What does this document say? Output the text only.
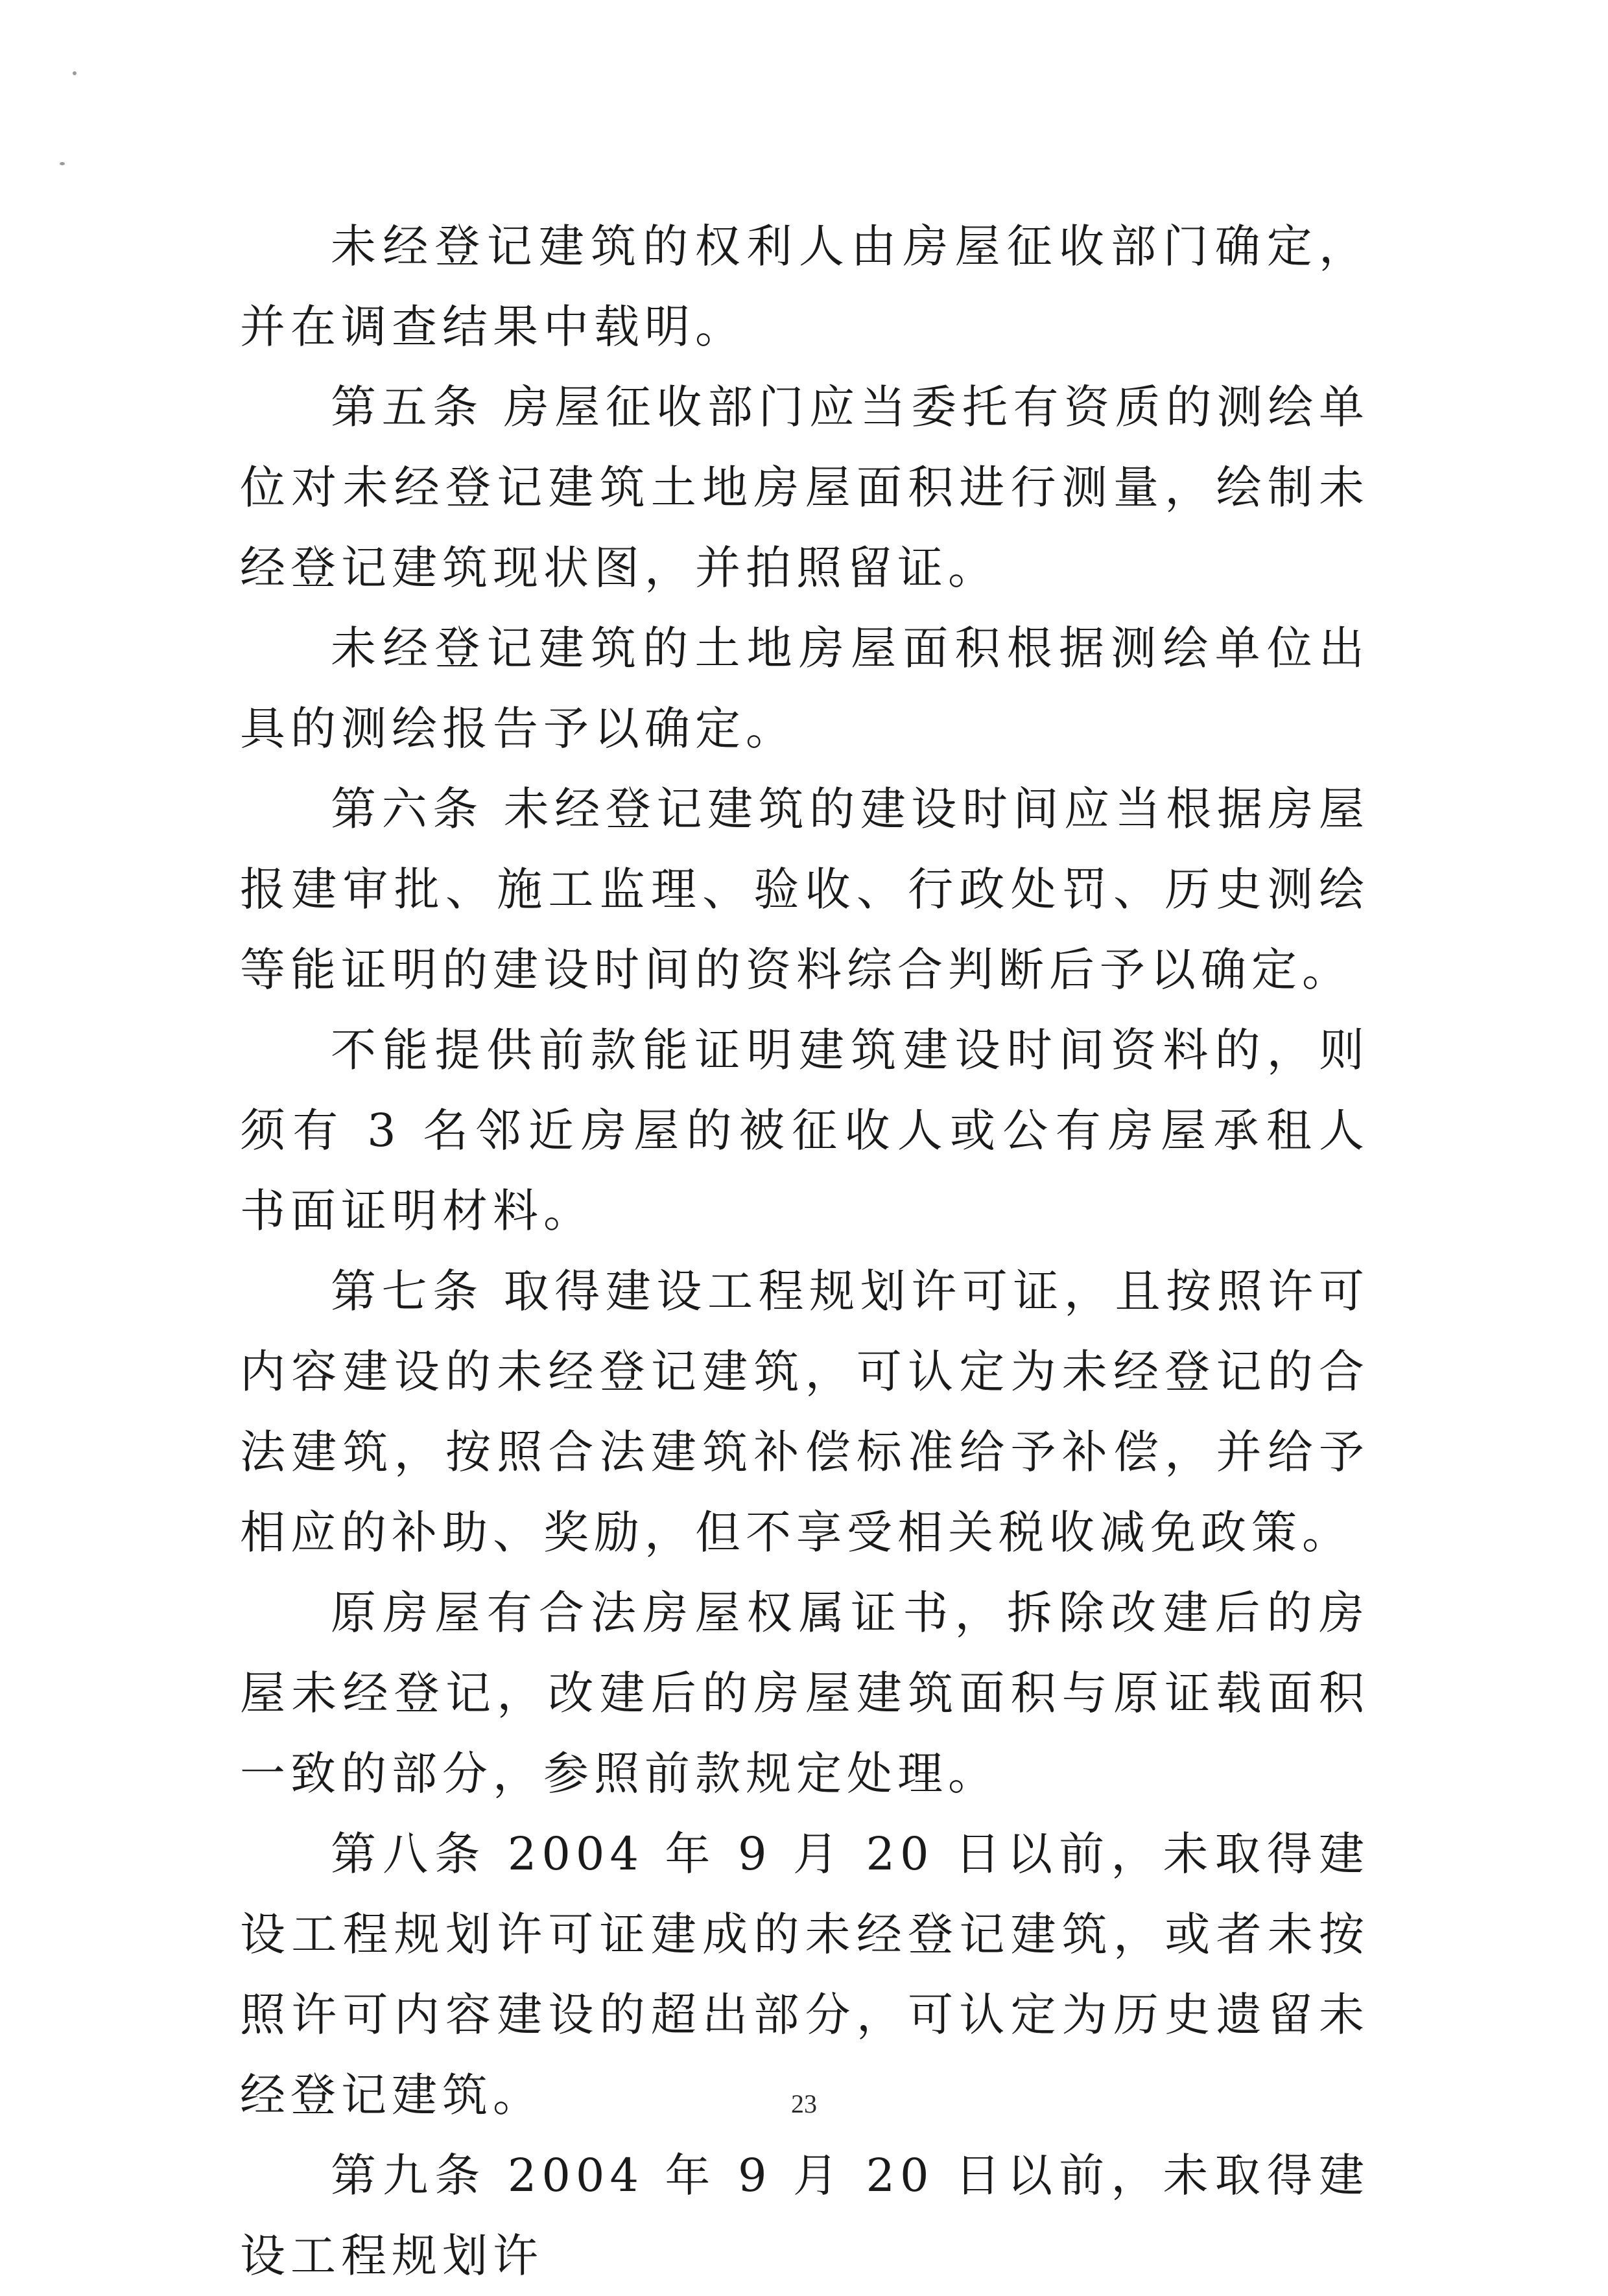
未经登记建筑的权利人由房屋征收部门确定，并在调查结果中载明。

第五条 房屋征收部门应当委托有资质的测绘单位对未经登记建筑土地房屋面积进行测量，绘制未经登记建筑现状图，并拍照留证。

未经登记建筑的土地房屋面积根据测绘单位出具的测绘报告予以确定。

第六条 未经登记建筑的建设时间应当根据房屋报建审批、施工监理、验收、行政处罚、历史测绘等能证明的建设时间的资料综合判断后予以确定。

不能提供前款能证明建筑建设时间资料的，则须有 3 名邻近房屋的被征收人或公有房屋承租人书面证明材料。

第七条 取得建设工程规划许可证，且按照许可内容建设的未经登记建筑，可认定为未经登记的合法建筑，按照合法建筑补偿标准给予补偿，并给予相应的补助、奖励，但不享受相关税收减免政策。

原房屋有合法房屋权属证书，拆除改建后的房屋未经登记，改建后的房屋建筑面积与原证载面积一致的部分，参照前款规定处理。

第八条 2004 年 9 月 20 日以前，未取得建设工程规划许可证建成的未经登记建筑，或者未按照许可内容建设的超出部分，可认定为历史遗留未经登记建筑。

第九条 2004 年 9 月 20 日以前，未取得建设工程规划许

23
